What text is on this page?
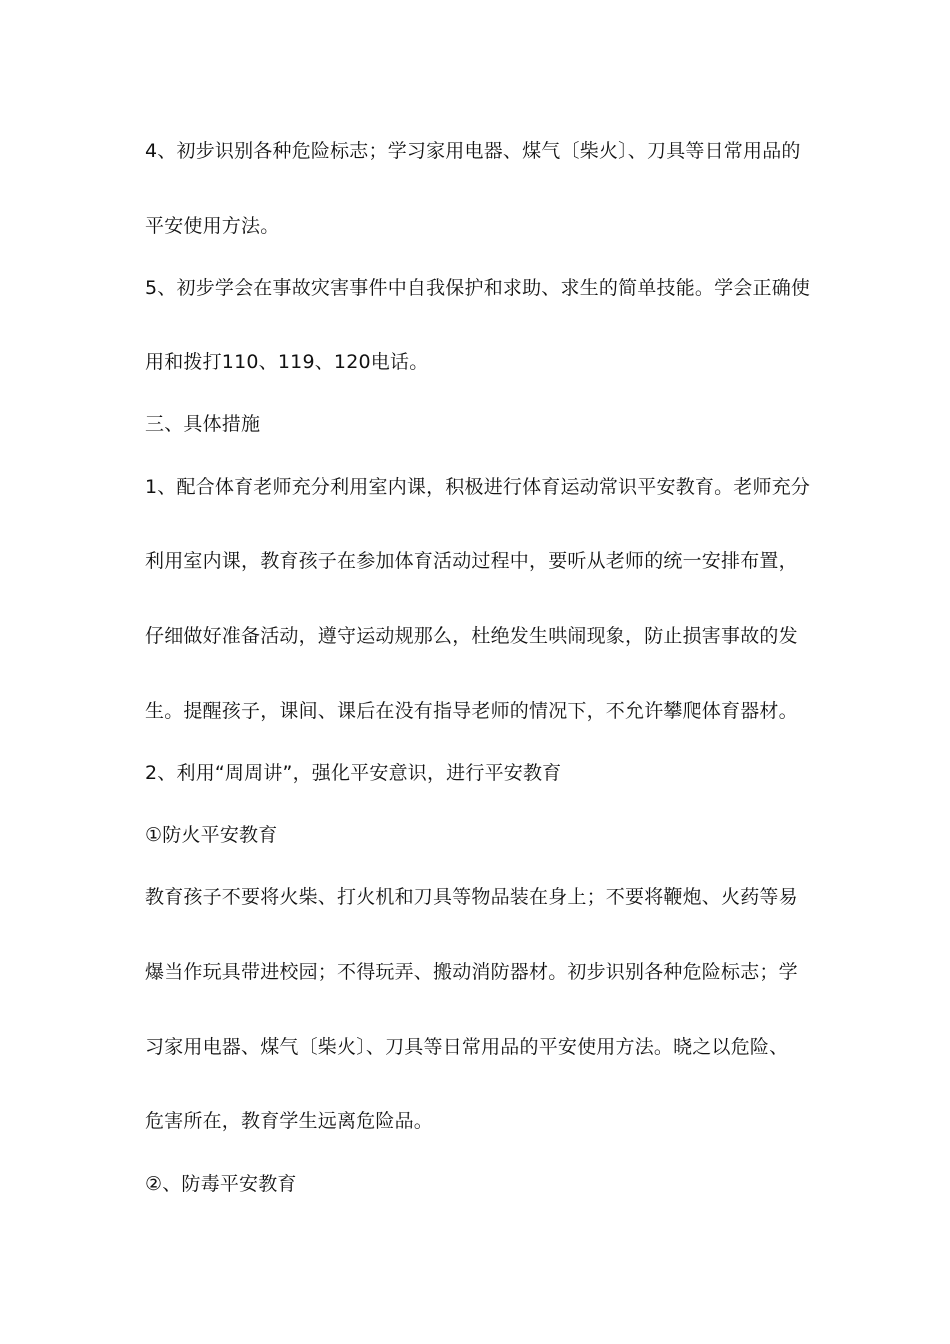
4、初步识别各种危险标志；学习家用电器、煤气〔柴火〕、刀具等日常用品的
平安使用方法。
5、初步学会在事故灾害事件中自我保护和求助、求生的简单技能。学会正确使
用和拨打110、119、120电话。
三、具体措施
1、配合体育老师充分利用室内课，积极进行体育运动常识平安教育。老师充分
利用室内课，教育孩子在参加体育活动过程中，要听从老师的统一安排布置，
仔细做好准备活动，遵守运动规那么，杜绝发生哄闹现象，防止损害事故的发
生。提醒孩子，课间、课后在没有指导老师的情况下，不允许攀爬体育器材。
2、利用“周周讲”，强化平安意识，进行平安教育
①防火平安教育
教育孩子不要将火柴、打火机和刀具等物品装在身上；不要将鞭炮、火药等易
爆当作玩具带进校园；不得玩弄、搬动消防器材。初步识别各种危险标志；学
习家用电器、煤气〔柴火〕、刀具等日常用品的平安使用方法。晓之以危险、
危害所在，教育学生远离危险品。
②、防毒平安教育
